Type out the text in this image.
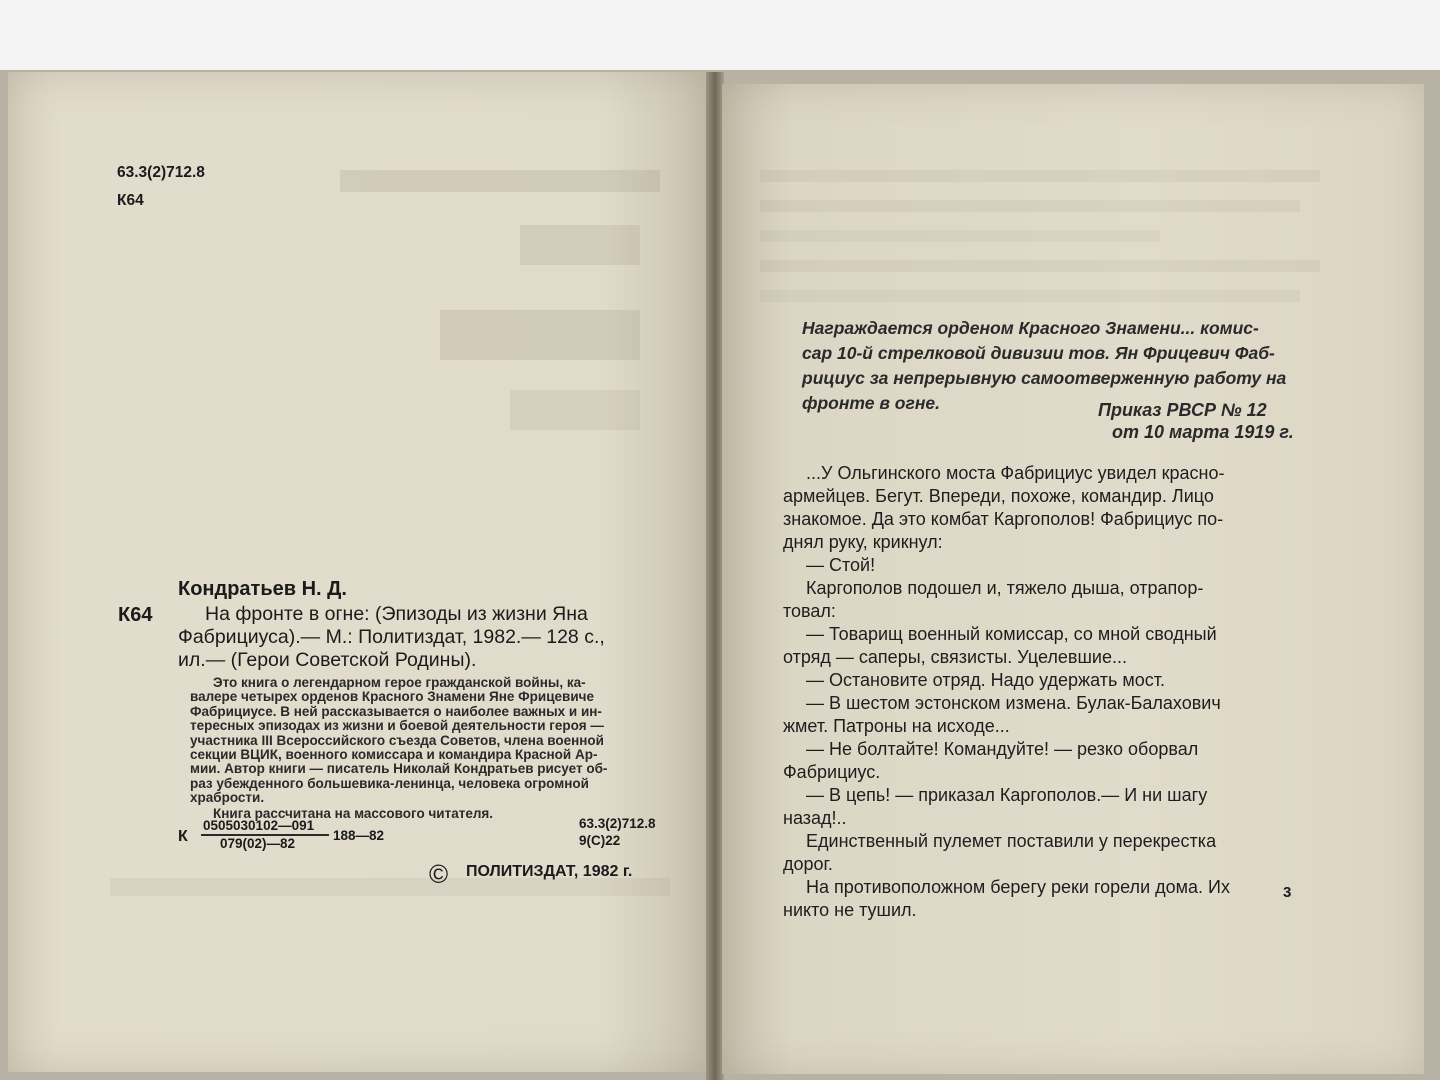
63.3(2)712.8
К64
Кондратьев Н. Д.
К64	На фронте в огне: (Эпизоды из жизни Яна
Фабрициуса).— М.: Политиздат, 1982.— 128 с.,
ил.— (Герои Советской Родины).
Это книга о легендарном герое гражданской войны, ка-
валере четырех орденов Красного Знамени Яне Фрицевиче
Фабрициусе. В ней рассказывается о наиболее важных и ин-
тересных эпизодах из жизни и боевой деятельности героя —
участника III Всероссийского съезда Советов, члена военной
секции ВЦИК, военного комиссара и командира Красной Ар-
мии. Автор книги — писатель Николай Кондратьев рисует об-
раз убежденного большевика-ленинца, человека огромной
храбрости.
Книга рассчитана на массового читателя.
К
0505030102—091
079(02)—82
188—82
63.3(2)712.8
9(С)22
© ПОЛИТИЗДАТ, 1982 г.
Награждается орденом Красного Знамени... комис-
сар 10-й стрелковой дивизии тов. Ян Фрицевич Фаб-
рициус за непрерывную самоотверженную работу на
фронте в огне.	Приказ РВСР № 12
от 10 марта 1919 г.
...У Ольгинского моста Фабрициус увидел красно-
армейцев. Бегут. Впереди, похоже, командир. Лицо
знакомое. Да это комбат Каргополов! Фабрициус по-
днял руку, крикнул:
— Стой!
Каргополов подошел и, тяжело дыша, отрапор-
товал:
— Товарищ военный комиссар, со мной сводный
отряд — саперы, связисты. Уцелевшие...
— Остановите отряд. Надо удержать мост.
— В шестом эстонском измена. Булак-Балахович
жмет. Патроны на исходе...
— Не болтайте! Командуйте! — резко оборвал
Фабрициус.
— В цепь! — приказал Каргополов.— И ни шагу
назад!..
Единственный пулемет поставили у перекрестка
дорог.
На противоположном берегу реки горели дома. Их
никто не тушил.
3
